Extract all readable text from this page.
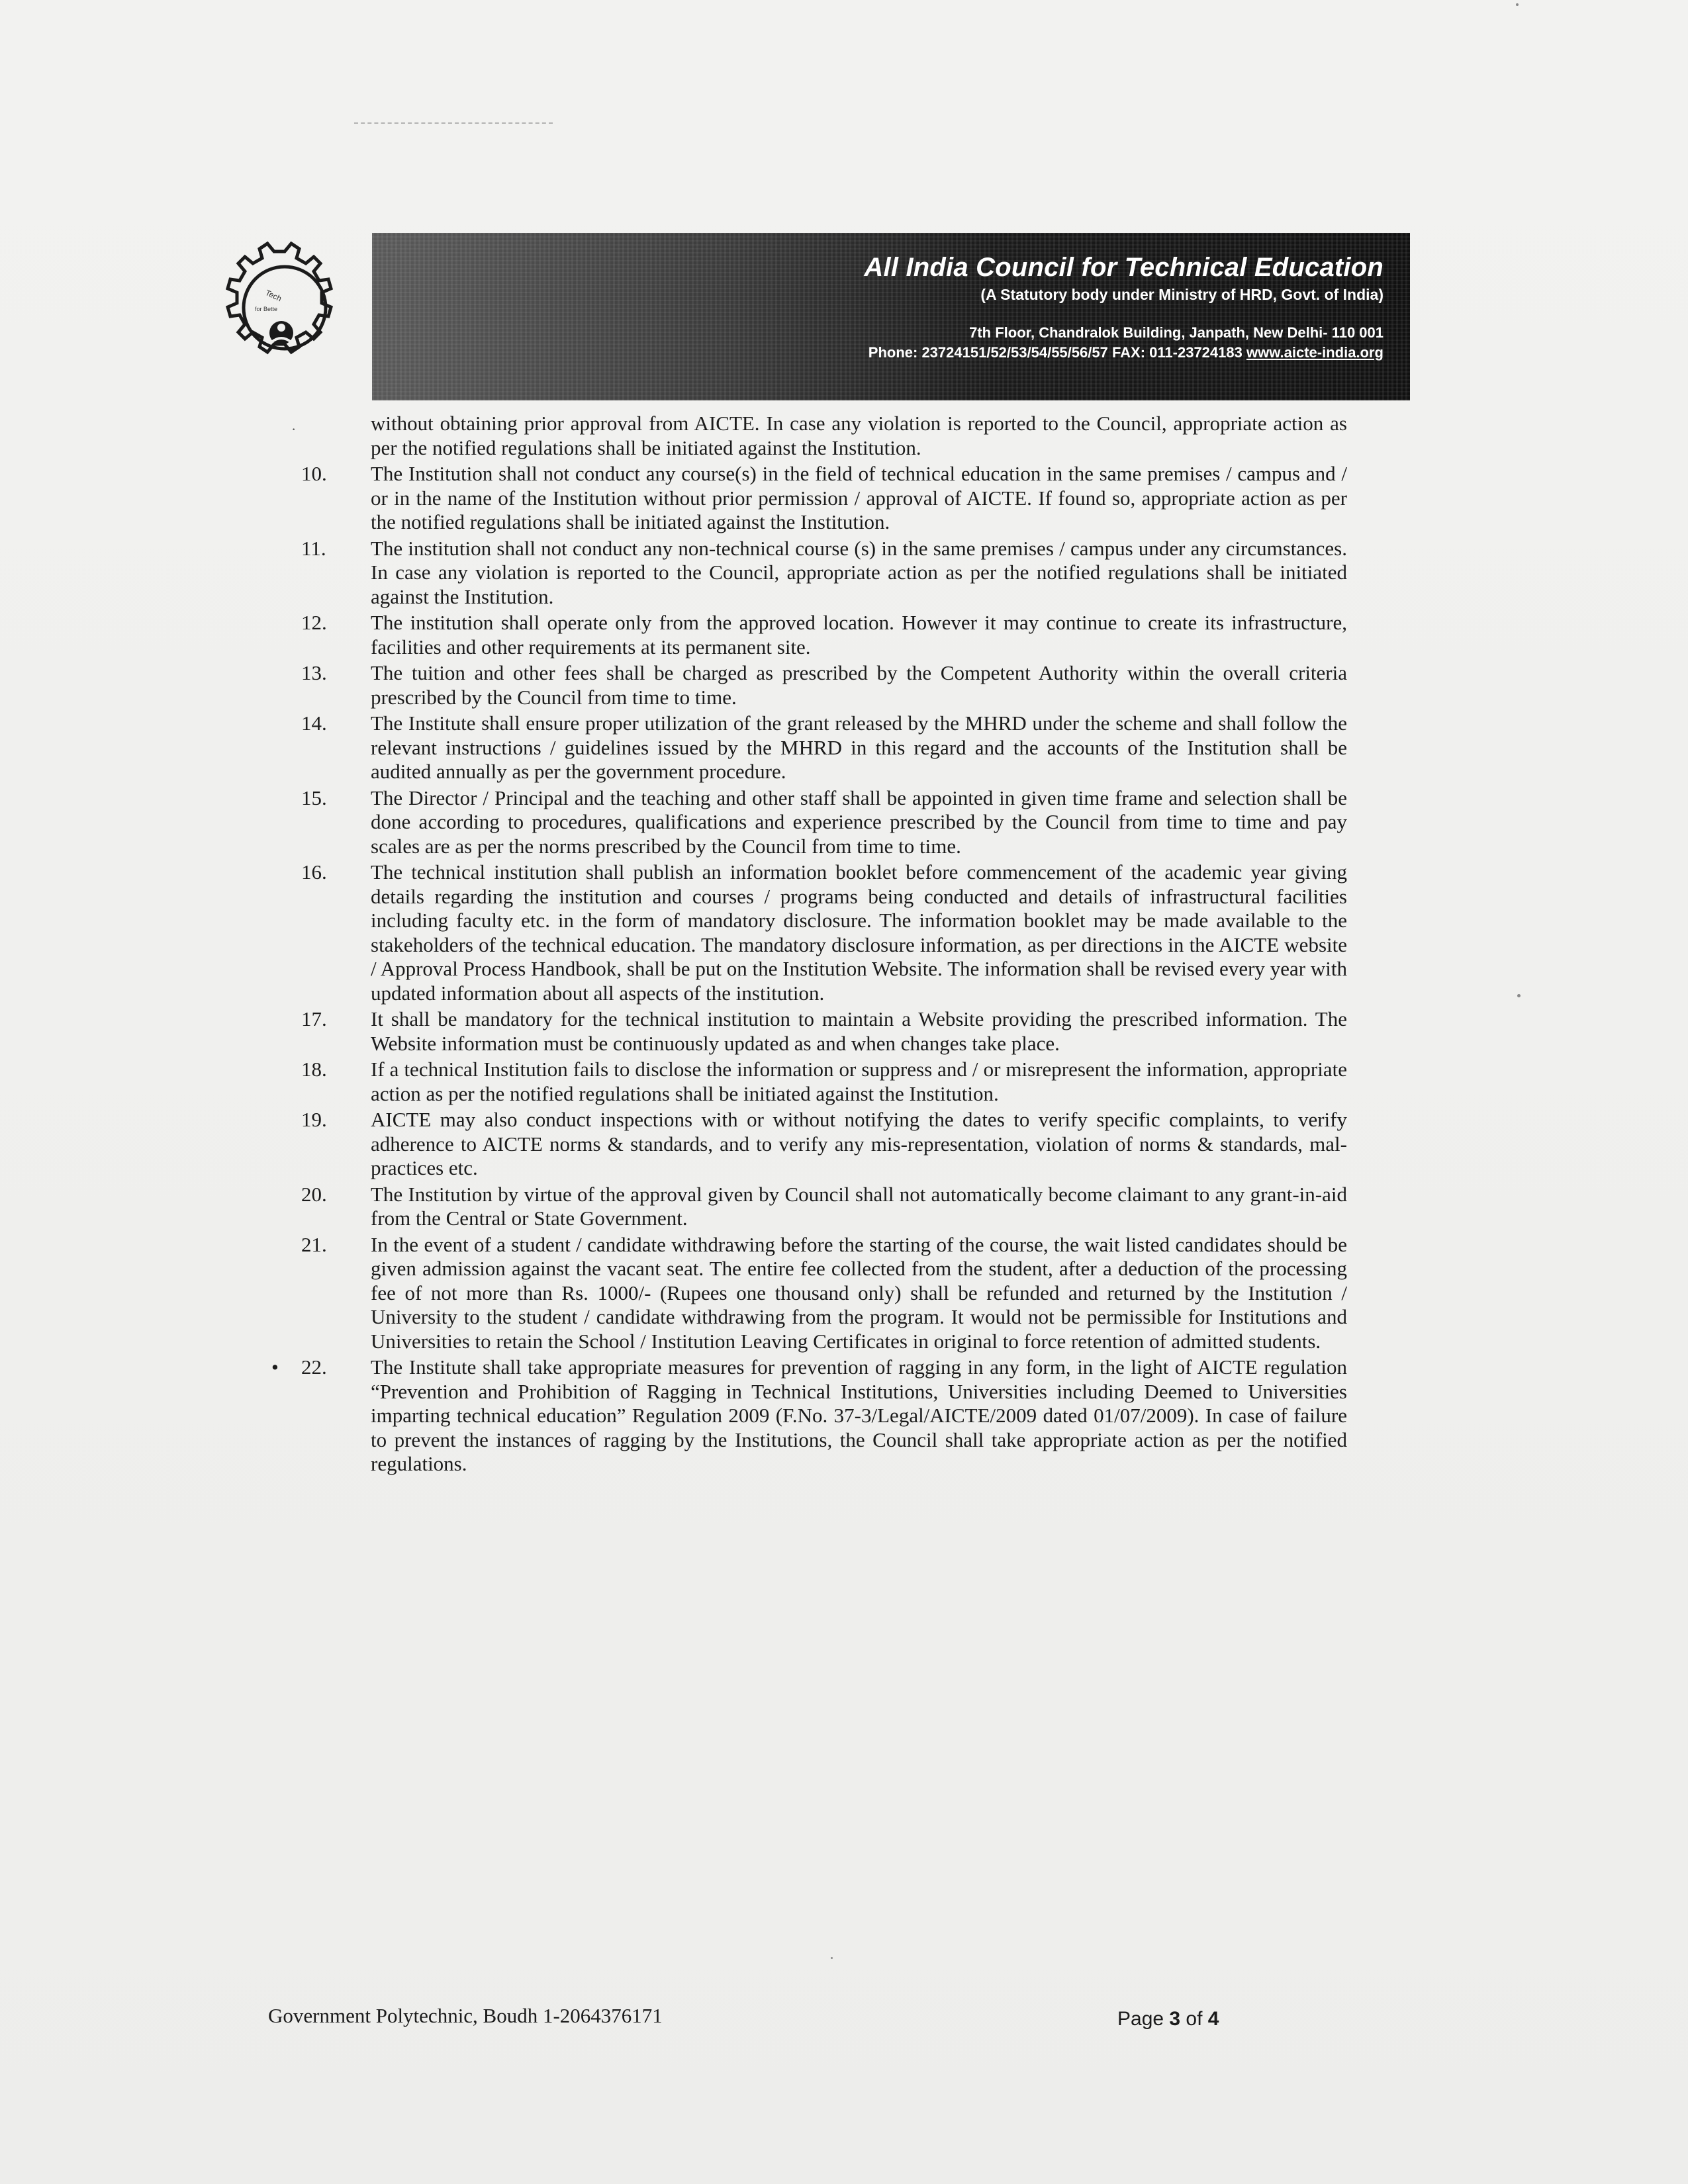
Tech
for Bette
All India Council for Technical Education
(A Statutory body under Ministry of HRD, Govt. of India)
7th Floor, Chandralok Building, Janpath, New Delhi- 110 001
Phone: 23724151/52/53/54/55/56/57 FAX: 011-23724183 www.aicte-india.org
·	without obtaining prior approval from AICTE. In case any violation is reported to the Council, appropriate action as per the notified regulations shall be initiated against the Institution.
10.	The Institution shall not conduct any course(s) in the field of technical education in the same premises / campus and / or in the name of the Institution without prior permission / approval of AICTE. If found so, appropriate action as per the notified regulations shall be initiated against the Institution.
11.	The institution shall not conduct any non-technical course (s) in the same premises / campus under any circumstances. In case any violation is reported to the Council, appropriate action as per the notified regulations shall be initiated against the Institution.
12.	The institution shall operate only from the approved location. However it may continue to create its infrastructure, facilities and other requirements at its permanent site.
13.	The tuition and other fees shall be charged as prescribed by the Competent Authority within the overall criteria prescribed by the Council from time to time.
14.	The Institute shall ensure proper utilization of the grant released by the MHRD under the scheme and shall follow the relevant instructions / guidelines issued by the MHRD in this regard and the accounts of the Institution shall be audited annually as per the government procedure.
15.	The Director / Principal and the teaching and other staff shall be appointed in given time frame and selection shall be done according to procedures, qualifications and experience prescribed by the Council from time to time and pay scales are as per the norms prescribed by the Council from time to time.
16.	The technical institution shall publish an information booklet before commencement of the academic year giving details regarding the institution and courses / programs being conducted and details of infrastructural facilities including faculty etc. in the form of mandatory disclosure. The information booklet may be made available to the stakeholders of the technical education. The mandatory disclosure information, as per directions in the AICTE website / Approval Process Handbook, shall be put on the Institution Website. The information shall be revised every year with updated information about all aspects of the institution.
17.	It shall be mandatory for the technical institution to maintain a Website providing the prescribed information. The Website information must be continuously updated as and when changes take place.
18.	If a technical Institution fails to disclose the information or suppress and / or misrepresent the information, appropriate action as per the notified regulations shall be initiated against the Institution.
19.	AICTE may also conduct inspections with or without notifying the dates to verify specific complaints, to verify adherence to AICTE norms & standards, and to verify any mis-representation, violation of norms & standards, mal-practices etc.
20.	The Institution by virtue of the approval given by Council shall not automatically become claimant to any grant-in-aid from the Central or State Government.
21.	In the event of a student / candidate withdrawing before the starting of the course, the wait listed candidates should be given admission against the vacant seat. The entire fee collected from the student, after a deduction of the processing fee of not more than Rs. 1000/- (Rupees one thousand only) shall be refunded and returned by the Institution / University to the student / candidate withdrawing from the program. It would not be permissible for Institutions and Universities to retain the School / Institution Leaving Certificates in original to force retention of admitted students.
• 22.	The Institute shall take appropriate measures for prevention of ragging in any form, in the light of AICTE regulation “Prevention and Prohibition of Ragging in Technical Institutions, Universities including Deemed to Universities imparting technical education” Regulation 2009 (F.No. 37-3/Legal/AICTE/2009 dated 01/07/2009). In case of failure to prevent the instances of ragging by the Institutions, the Council shall take appropriate action as per the notified regulations.
Government Polytechnic, Boudh 1-2064376171	Page 3 of 4
